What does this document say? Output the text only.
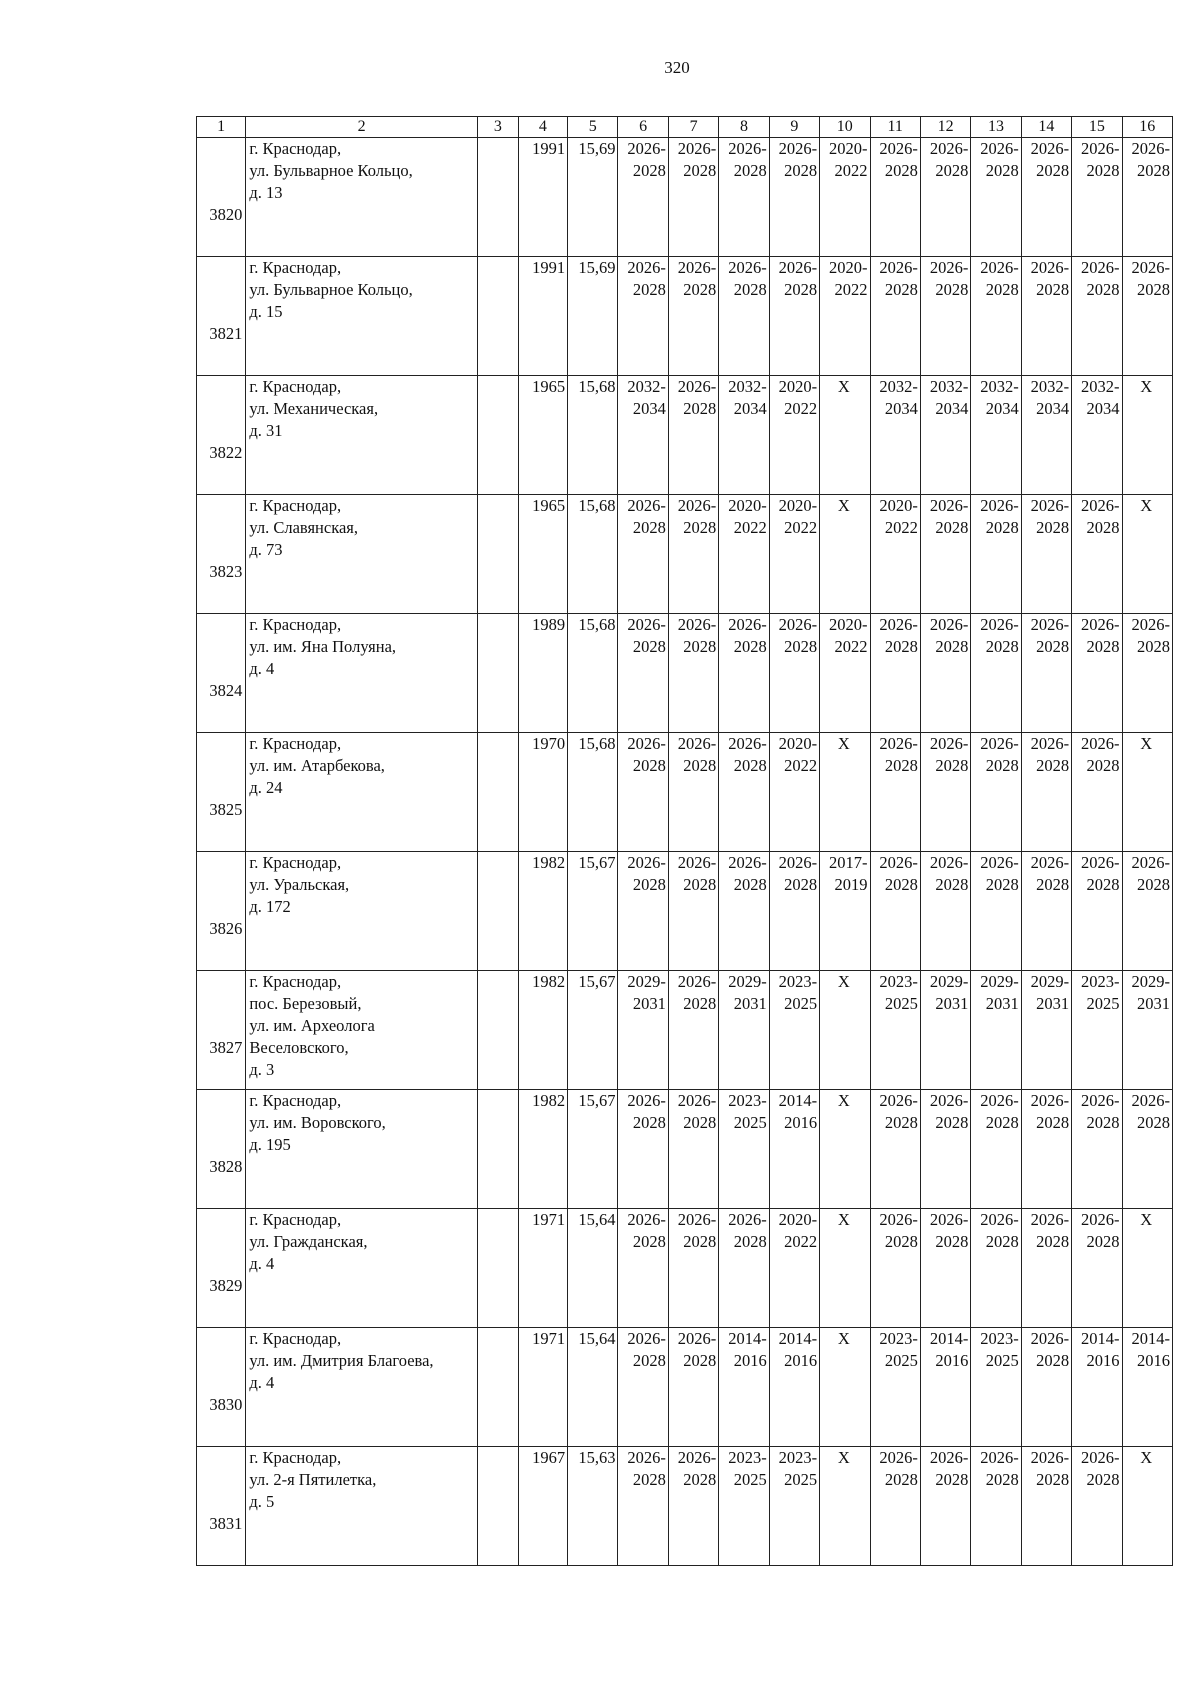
320
1	2	3	4	5	6	7	8	9	10	11	12	13	14	15	16

3820	г. Краснодар,
ул. Бульварное Кольцо,
д. 13		1991	15,69	2026-
2028	2026-
2028	2026-
2028	2026-
2028	2020-
2022	2026-
2028	2026-
2028	2026-
2028	2026-
2028	2026-
2028	2026-
2028

3821	г. Краснодар,
ул. Бульварное Кольцо,
д. 15		1991	15,69	2026-
2028	2026-
2028	2026-
2028	2026-
2028	2020-
2022	2026-
2028	2026-
2028	2026-
2028	2026-
2028	2026-
2028	2026-
2028

3822	г. Краснодар,
ул. Механическая,
д. 31		1965	15,68	2032-
2034	2026-
2028	2032-
2034	2020-
2022	X	2032-
2034	2032-
2034	2032-
2034	2032-
2034	2032-
2034	X

3823	г. Краснодар,
ул. Славянская,
д. 73		1965	15,68	2026-
2028	2026-
2028	2020-
2022	2020-
2022	X	2020-
2022	2026-
2028	2026-
2028	2026-
2028	2026-
2028	X

3824	г. Краснодар,
ул. им. Яна Полуяна,
д. 4		1989	15,68	2026-
2028	2026-
2028	2026-
2028	2026-
2028	2020-
2022	2026-
2028	2026-
2028	2026-
2028	2026-
2028	2026-
2028	2026-
2028

3825	г. Краснодар,
ул. им. Атарбекова,
д. 24		1970	15,68	2026-
2028	2026-
2028	2026-
2028	2020-
2022	X	2026-
2028	2026-
2028	2026-
2028	2026-
2028	2026-
2028	X

3826	г. Краснодар,
ул. Уральская,
д. 172		1982	15,67	2026-
2028	2026-
2028	2026-
2028	2026-
2028	2017-
2019	2026-
2028	2026-
2028	2026-
2028	2026-
2028	2026-
2028	2026-
2028

3827	г. Краснодар,
пос. Березовый,
ул. им. Археолога
Веселовского,
д. 3		1982	15,67	2029-
2031	2026-
2028	2029-
2031	2023-
2025	X	2023-
2025	2029-
2031	2029-
2031	2029-
2031	2023-
2025	2029-
2031

3828	г. Краснодар,
ул. им. Воровского,
д. 195		1982	15,67	2026-
2028	2026-
2028	2023-
2025	2014-
2016	X	2026-
2028	2026-
2028	2026-
2028	2026-
2028	2026-
2028	2026-
2028

3829	г. Краснодар,
ул. Гражданская,
д. 4		1971	15,64	2026-
2028	2026-
2028	2026-
2028	2020-
2022	X	2026-
2028	2026-
2028	2026-
2028	2026-
2028	2026-
2028	X

3830	г. Краснодар,
ул. им. Дмитрия Благоева,
д. 4		1971	15,64	2026-
2028	2026-
2028	2014-
2016	2014-
2016	X	2023-
2025	2014-
2016	2023-
2025	2026-
2028	2014-
2016	2014-
2016

3831	г. Краснодар,
ул. 2-я Пятилетка,
д. 5		1967	15,63	2026-
2028	2026-
2028	2023-
2025	2023-
2025	X	2026-
2028	2026-
2028	2026-
2028	2026-
2028	2026-
2028	X
